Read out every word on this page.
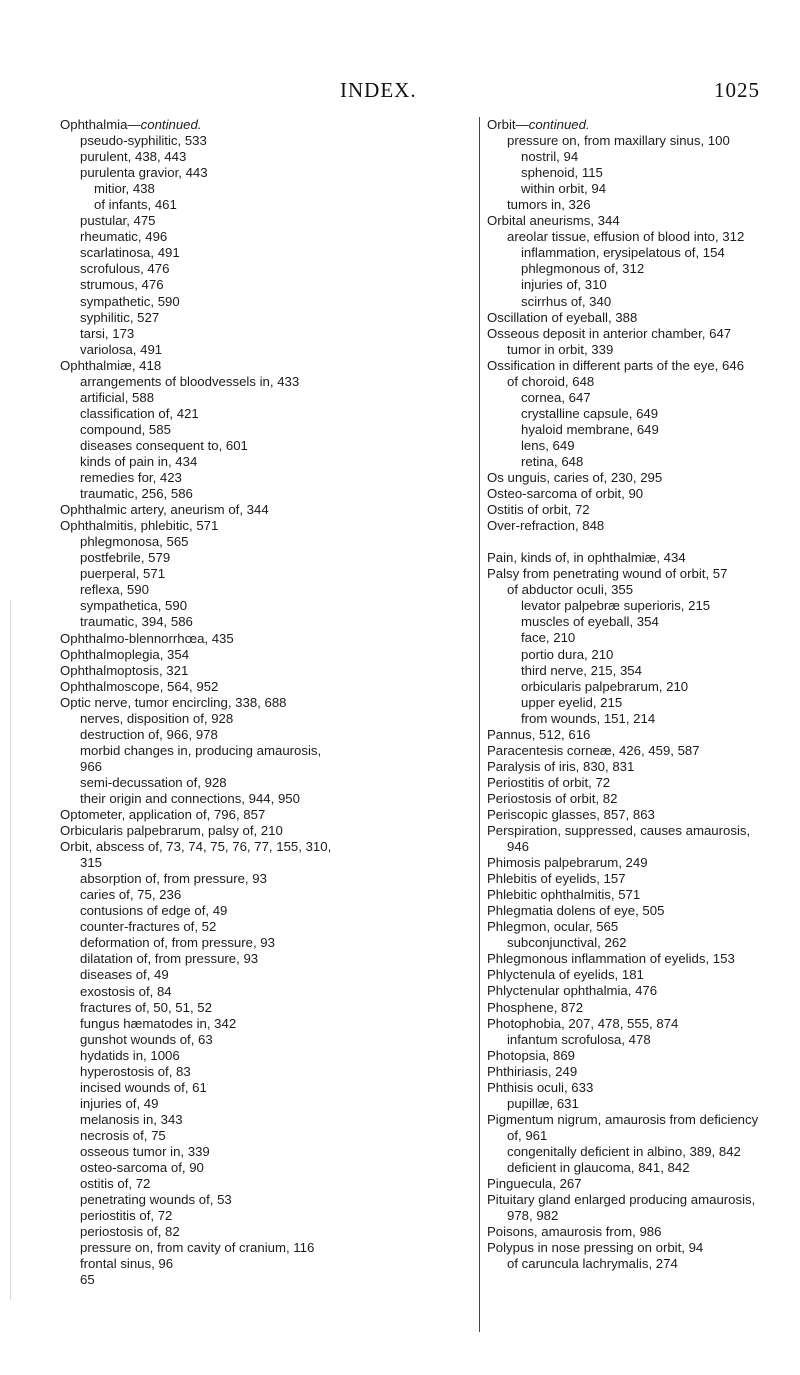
INDEX.	1025
Ophthalmia—continued.
pseudo-syphilitic, 533
purulent, 438, 443
purulenta gravior, 443
mitior, 438
of infants, 461
pustular, 475
rheumatic, 496
scarlatinosa, 491
scrofulous, 476
strumous, 476
sympathetic, 590
syphilitic, 527
tarsi, 173
variolosa, 491
Ophthalmiæ, 418
arrangements of bloodvessels in, 433
artificial, 588
classification of, 421
compound, 585
diseases consequent to, 601
kinds of pain in, 434
remedies for, 423
traumatic, 256, 586
Ophthalmic artery, aneurism of, 344
Ophthalmitis, phlebitic, 571
phlegmonosa, 565
postfebrile, 579
puerperal, 571
reflexa, 590
sympathetica, 590
traumatic, 394, 586
Ophthalmo-blennorrhœa, 435
Ophthalmoplegia, 354
Ophthalmoptosis, 321
Ophthalmoscope, 564, 952
Optic nerve, tumor encircling, 338, 688
nerves, disposition of, 928
destruction of, 966, 978
morbid changes in, producing amaurosis,
966
semi-decussation of, 928
their origin and connections, 944, 950
Optometer, application of, 796, 857
Orbicularis palpebrarum, palsy of, 210
Orbit, abscess of, 73, 74, 75, 76, 77, 155, 310,
315
absorption of, from pressure, 93
caries of, 75, 236
contusions of edge of, 49
counter-fractures of, 52
deformation of, from pressure, 93
dilatation of, from pressure, 93
diseases of, 49
exostosis of, 84
fractures of, 50, 51, 52
fungus hæmatodes in, 342
gunshot wounds of, 63
hydatids in, 1006
hyperostosis of, 83
incised wounds of, 61
injuries of, 49
melanosis in, 343
necrosis of, 75
osseous tumor in, 339
osteo-sarcoma of, 90
ostitis of, 72
penetrating wounds of, 53
periostitis of, 72
periostosis of, 82
pressure on, from cavity of cranium, 116
frontal sinus, 96
65
Orbit—continued.
pressure on, from maxillary sinus, 100
nostril, 94
sphenoid, 115
within orbit, 94
tumors in, 326
Orbital aneurisms, 344
areolar tissue, effusion of blood into, 312
inflammation, erysipelatous of, 154
phlegmonous of, 312
injuries of, 310
scirrhus of, 340
Oscillation of eyeball, 388
Osseous deposit in anterior chamber, 647
tumor in orbit, 339
Ossification in different parts of the eye, 646
of choroid, 648
cornea, 647
crystalline capsule, 649
hyaloid membrane, 649
lens, 649
retina, 648
Os unguis, caries of, 230, 295
Osteo-sarcoma of orbit, 90
Ostitis of orbit, 72
Over-refraction, 848
Pain, kinds of, in ophthalmiæ, 434
Palsy from penetrating wound of orbit, 57
of abductor oculi, 355
levator palpebræ superioris, 215
muscles of eyeball, 354
face, 210
portio dura, 210
third nerve, 215, 354
orbicularis palpebrarum, 210
upper eyelid, 215
from wounds, 151, 214
Pannus, 512, 616
Paracentesis corneæ, 426, 459, 587
Paralysis of iris, 830, 831
Periostitis of orbit, 72
Periostosis of orbit, 82
Periscopic glasses, 857, 863
Perspiration, suppressed, causes amaurosis,
946
Phimosis palpebrarum, 249
Phlebitis of eyelids, 157
Phlebitic ophthalmitis, 571
Phlegmatia dolens of eye, 505
Phlegmon, ocular, 565
subconjunctival, 262
Phlegmonous inflammation of eyelids, 153
Phlyctenula of eyelids, 181
Phlyctenular ophthalmia, 476
Phosphene, 872
Photophobia, 207, 478, 555, 874
infantum scrofulosa, 478
Photopsia, 869
Phthiriasis, 249
Phthisis oculi, 633
pupillæ, 631
Pigmentum nigrum, amaurosis from deficiency
of, 961
congenitally deficient in albino, 389, 842
deficient in glaucoma, 841, 842
Pinguecula, 267
Pituitary gland enlarged producing amaurosis,
978, 982
Poisons, amaurosis from, 986
Polypus in nose pressing on orbit, 94
of caruncula lachrymalis, 274
